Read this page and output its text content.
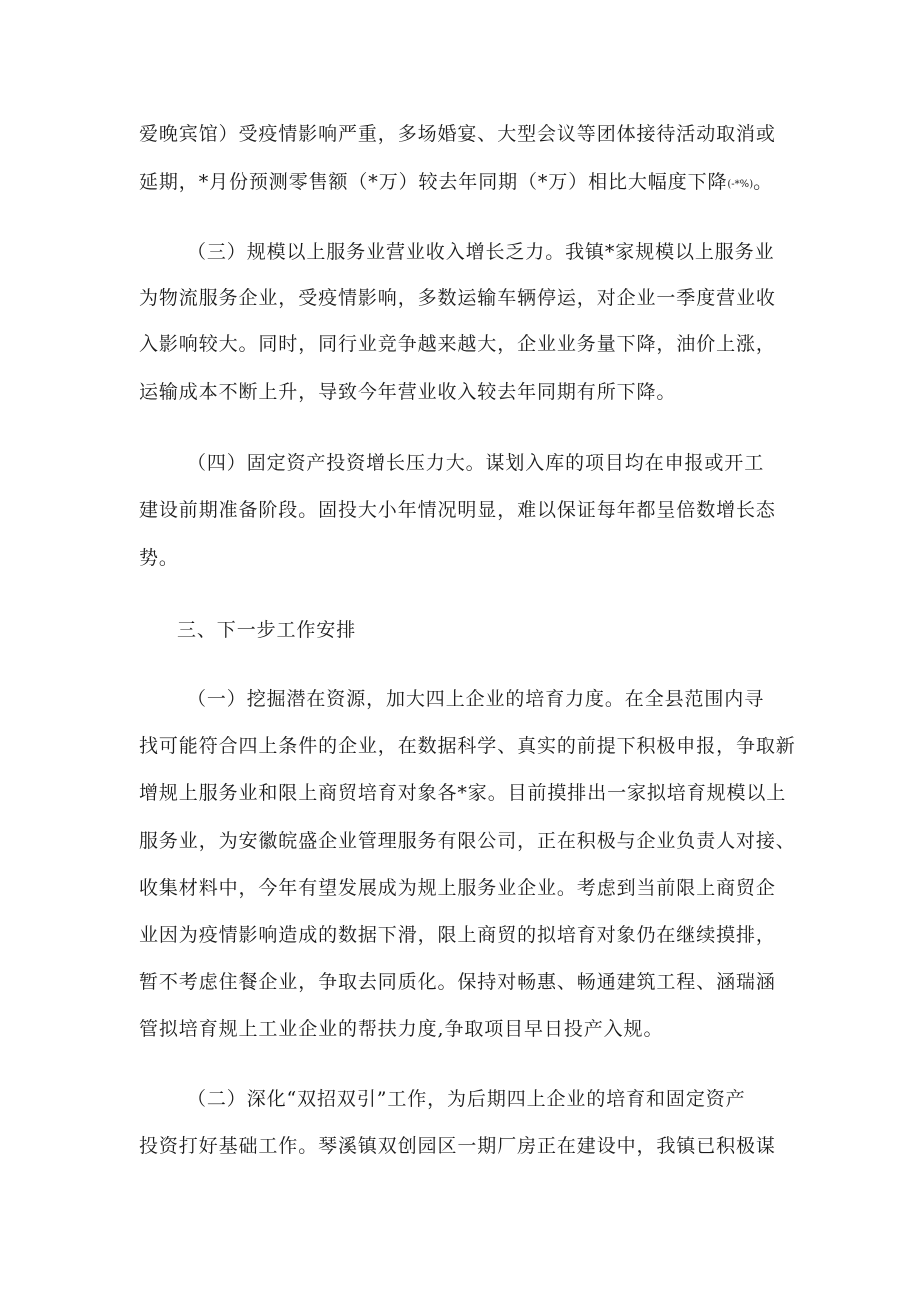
爱晚宾馆）受疫情影响严重，多场婚宴、大型会议等团体接待活动取消或
延期，*月份预测零售额（*万）较去年同期（*万）相比大幅度下降(-*%)。
（三）规模以上服务业营业收入增长乏力。我镇*家规模以上服务业
为物流服务企业，受疫情影响，多数运输车辆停运，对企业一季度营业收
入影响较大。同时，同行业竞争越来越大，企业业务量下降，油价上涨，
运输成本不断上升，导致今年营业收入较去年同期有所下降。
（四）固定资产投资增长压力大。谋划入库的项目均在申报或开工
建设前期准备阶段。固投大小年情况明显，难以保证每年都呈倍数增长态
势。
三、下一步工作安排
（一）挖掘潜在资源，加大四上企业的培育力度。在全县范围内寻
找可能符合四上条件的企业，在数据科学、真实的前提下积极申报，争取新
增规上服务业和限上商贸培育对象各*家。目前摸排出一家拟培育规模以上
服务业，为安徽皖盛企业管理服务有限公司，正在积极与企业负责人对接、
收集材料中，今年有望发展成为规上服务业企业。考虑到当前限上商贸企
业因为疫情影响造成的数据下滑，限上商贸的拟培育对象仍在继续摸排，
暂不考虑住餐企业，争取去同质化。保持对畅惠、畅通建筑工程、涵瑞涵
管拟培育规上工业企业的帮扶力度,争取项目早日投产入规。
（二）深化“双招双引”工作，为后期四上企业的培育和固定资产
投资打好基础工作。琴溪镇双创园区一期厂房正在建设中，我镇已积极谋
